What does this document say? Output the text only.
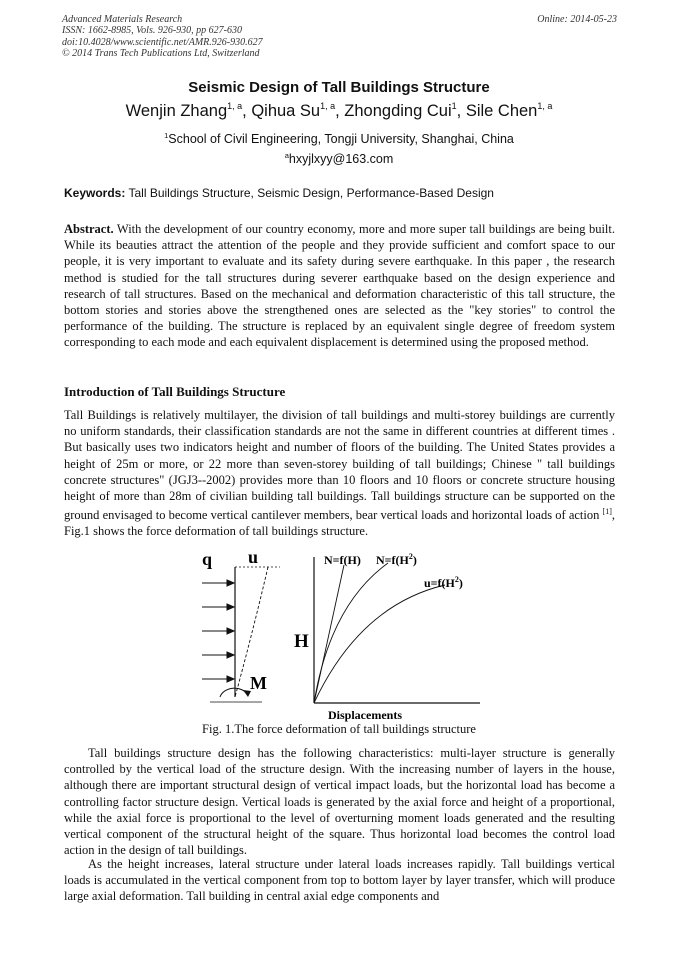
Advanced Materials Research
ISSN: 1662-8985, Vols. 926-930, pp 627-630
doi:10.4028/www.scientific.net/AMR.926-930.627
© 2014 Trans Tech Publications Ltd, Switzerland
Online: 2014-05-23
Seismic Design of Tall Buildings Structure
Wenjin Zhang$^{1, a}$, Qihua Su$^{1, a}$, Zhongding Cui$^1$, Sile Chen$^{1, a}$
$^1$School of Civil Engineering, Tongji University, Shanghai, China
$^a$hxyjlxyy@163.com
Keywords: Tall Buildings Structure, Seismic Design, Performance-Based Design
Abstract. With the development of our country economy, more and more super tall buildings are being built. While its beauties attract the attention of the people and they provide sufficient and comfort space to our people, it is very important to evaluate and its safety during severe earthquake. In this paper , the research method is studied for the tall structures during severer earthquake based on the design experience and research of tall structures. Based on the mechanical and deformation characteristic of this tall structure, the bottom stories and stories above the strengthened ones are selected as the "key stories" to control the performance of the building. The structure is replaced by an equivalent single degree of freedom system corresponding to each mode and each equivalent displacement is determined using the proposed method.
Introduction of Tall Buildings Structure
Tall Buildings is relatively multilayer, the division of tall buildings and multi-storey buildings are currently no uniform standards, their classification standards are not the same in different countries at different times . But basically uses two indicators height and number of floors of the building. The United States provides a height of 25m or more, or 22 more than seven-storey building of tall buildings; Chinese " tall buildings concrete structures" (JGJ3--2002) provides more than 10 floors and 10 floors or concrete structure housing height of more than 28m of civilian building tall buildings. Tall buildings structure can be supported on the ground envisaged to become vertical cantilever members, bear vertical loads and horizontal loads of action [1], Fig.1 shows the force deformation of tall buildings structure.
q u
M
H
N=f(H) $N=f(H^2)$
$u=f(H^2)$
Displacements
Fig. 1.The force deformation of tall buildings structure
Tall buildings structure design has the following characteristics: multi-layer structure is generally controlled by the vertical load of the structure design. With the increasing number of layers in the house, although there are important structural design of vertical impact loads, but the horizontal load has become a controlling factor structure design. Vertical loads is generated by the axial force and height of a proportional, while the axial force is proportional to the level of overturning moment loads generated and the resulting vertical component of the structural height of the square. Thus horizontal load becomes the control load action in the design of tall buildings.
As the height increases, lateral structure under lateral loads increases rapidly. Tall buildings vertical loads is accumulated in the vertical component from top to bottom layer by layer transfer, which will produce large axial deformation. Tall building in central axial edge components and
